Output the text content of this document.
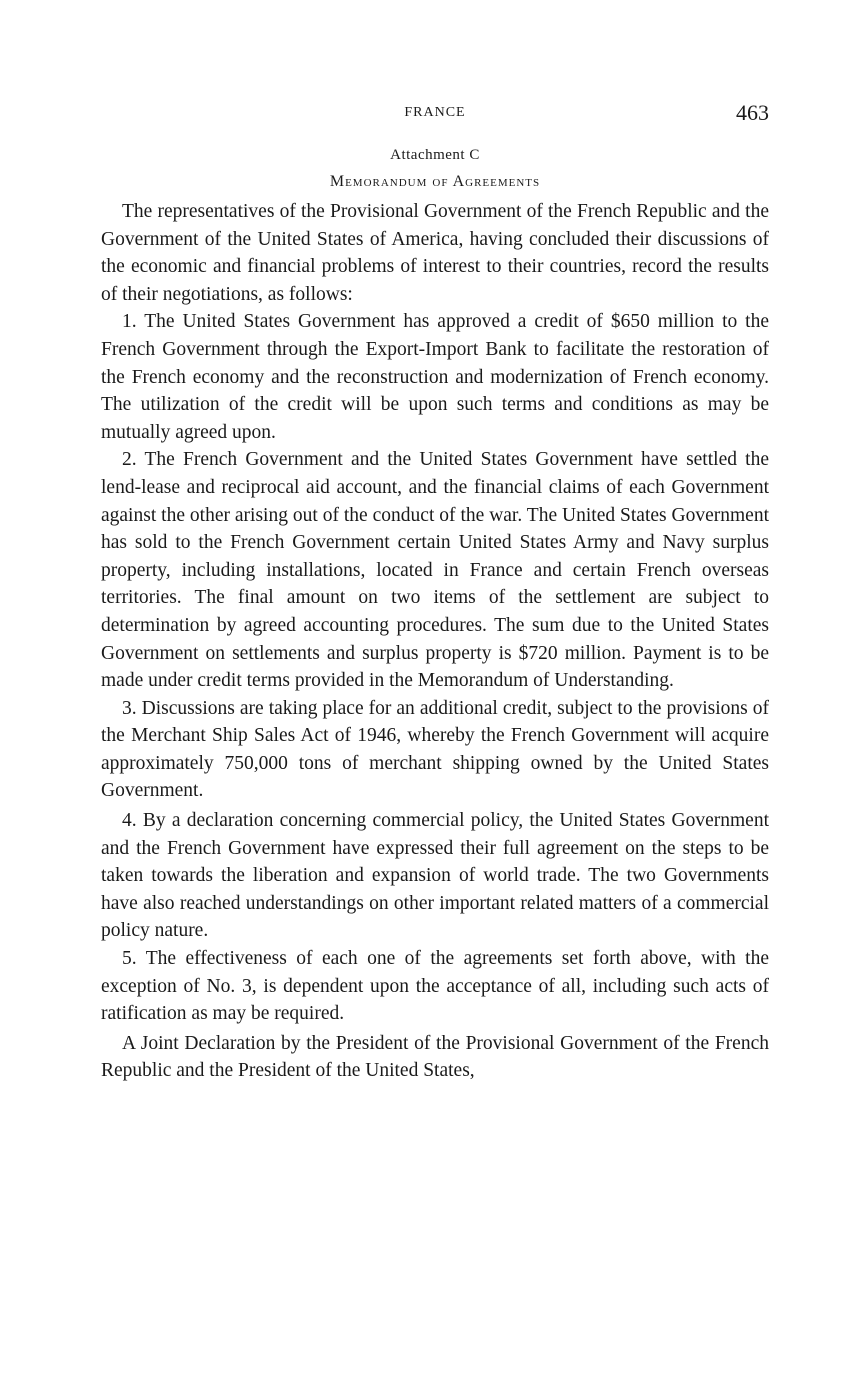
FRANCE	463
Attachment C
Memorandum of Agreements

The representatives of the Provisional Government of the French Republic and the Government of the United States of America, having concluded their discussions of the economic and financial problems of interest to their countries, record the results of their negotiations, as follows:

1. The United States Government has approved a credit of $650 million to the French Government through the Export-Import Bank to facilitate the restoration of the French economy and the reconstruction and modernization of French economy. The utilization of the credit will be upon such terms and conditions as may be mutually agreed upon.

2. The French Government and the United States Government have settled the lend-lease and reciprocal aid account, and the financial claims of each Government against the other arising out of the conduct of the war. The United States Government has sold to the French Government certain United States Army and Navy surplus property, including installations, located in France and certain French overseas territories. The final amount on two items of the settlement are subject to determination by agreed accounting procedures. The sum due to the United States Government on settlements and surplus property is $720 million. Payment is to be made under credit terms provided in the Memorandum of Understanding.

3. Discussions are taking place for an additional credit, subject to the provisions of the Merchant Ship Sales Act of 1946, whereby the French Government will acquire approximately 750,000 tons of merchant shipping owned by the United States Government.

4. By a declaration concerning commercial policy, the United States Government and the French Government have expressed their full agreement on the steps to be taken towards the liberation and expansion of world trade. The two Governments have also reached understandings on other important related matters of a commercial policy nature.

5. The effectiveness of each one of the agreements set forth above, with the exception of No. 3, is dependent upon the acceptance of all, including such acts of ratification as may be required.

A Joint Declaration by the President of the Provisional Government of the French Republic and the President of the United States,
